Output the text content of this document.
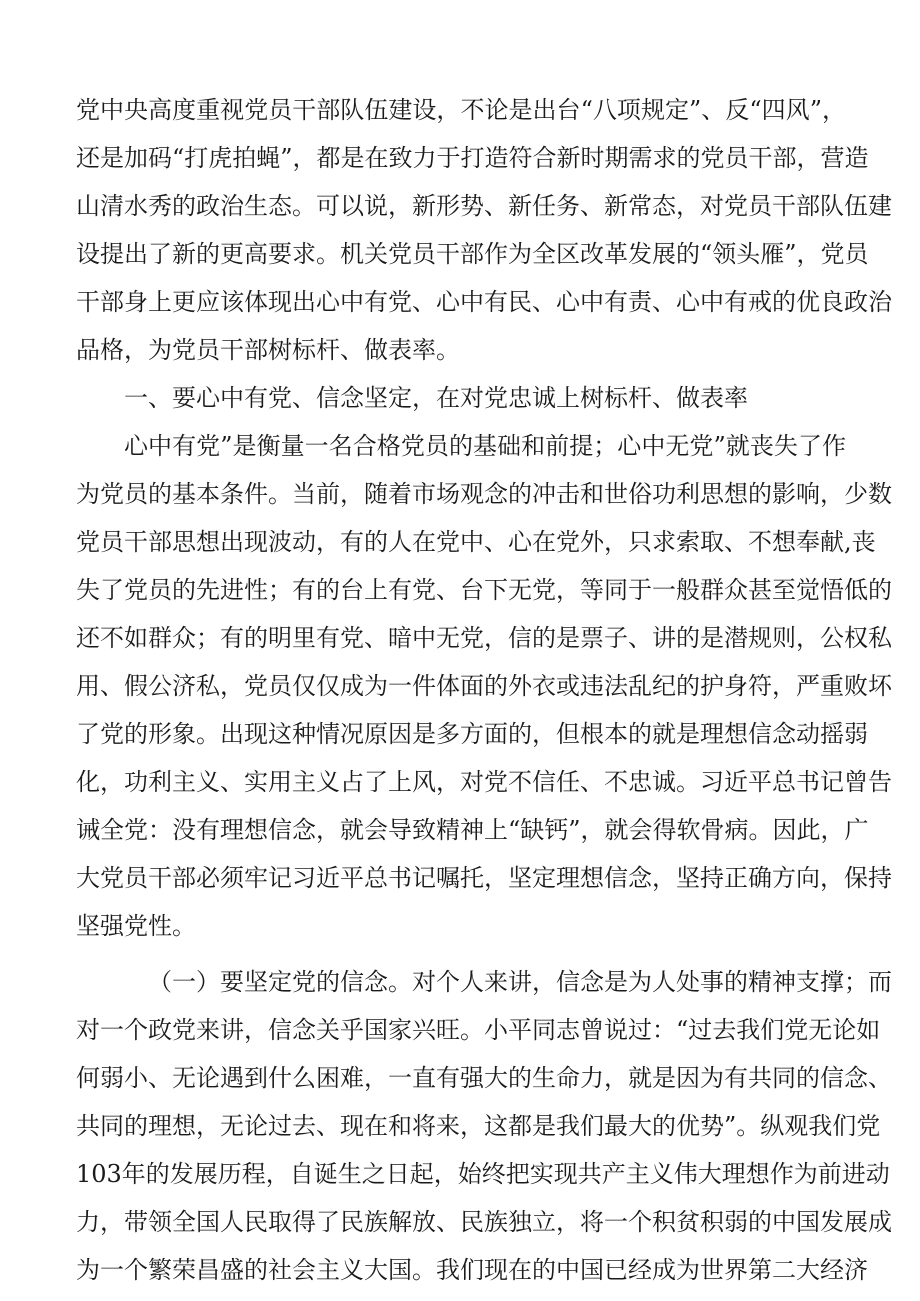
党中央高度重视党员干部队伍建设，不论是出台“八项规定”、反“四风”，
还是加码“打虎拍蝇”，都是在致力于打造符合新时期需求的党员干部，营造
山清水秀的政治生态。可以说，新形势、新任务、新常态，对党员干部队伍建
设提出了新的更高要求。机关党员干部作为全区改革发展的“领头雁”，党员
干部身上更应该体现出心中有党、心中有民、心中有责、心中有戒的优良政治
品格，为党员干部树标杆、做表率。
一、要心中有党、信念坚定，在对党忠诚上树标杆、做表率
心中有党”是衡量一名合格党员的基础和前提；心中无党”就丧失了作
为党员的基本条件。当前，随着市场观念的冲击和世俗功利思想的影响，少数
党员干部思想出现波动，有的人在党中、心在党外，只求索取、不想奉献,丧
失了党员的先进性；有的台上有党、台下无党，等同于一般群众甚至觉悟低的
还不如群众；有的明里有党、暗中无党，信的是票子、讲的是潜规则，公权私
用、假公济私，党员仅仅成为一件体面的外衣或违法乱纪的护身符，严重败坏
了党的形象。出现这种情况原因是多方面的，但根本的就是理想信念动摇弱
化，功利主义、实用主义占了上风，对党不信任、不忠诚。习近平总书记曾告
诫全党：没有理想信念，就会导致精神上“缺钙”，就会得软骨病。因此，广
大党员干部必须牢记习近平总书记嘱托，坚定理想信念，坚持正确方向，保持
坚强党性。
（一）要坚定党的信念。对个人来讲，信念是为人处事的精神支撑；而
对一个政党来讲，信念关乎国家兴旺。小平同志曾说过：“过去我们党无论如
何弱小、无论遇到什么困难，一直有强大的生命力，就是因为有共同的信念、
共同的理想，无论过去、现在和将来，这都是我们最大的优势”。纵观我们党
103年的发展历程，自诞生之日起，始终把实现共产主义伟大理想作为前进动
力，带领全国人民取得了民族解放、民族独立，将一个积贫积弱的中国发展成
为一个繁荣昌盛的社会主义大国。我们现在的中国已经成为世界第二大经济
